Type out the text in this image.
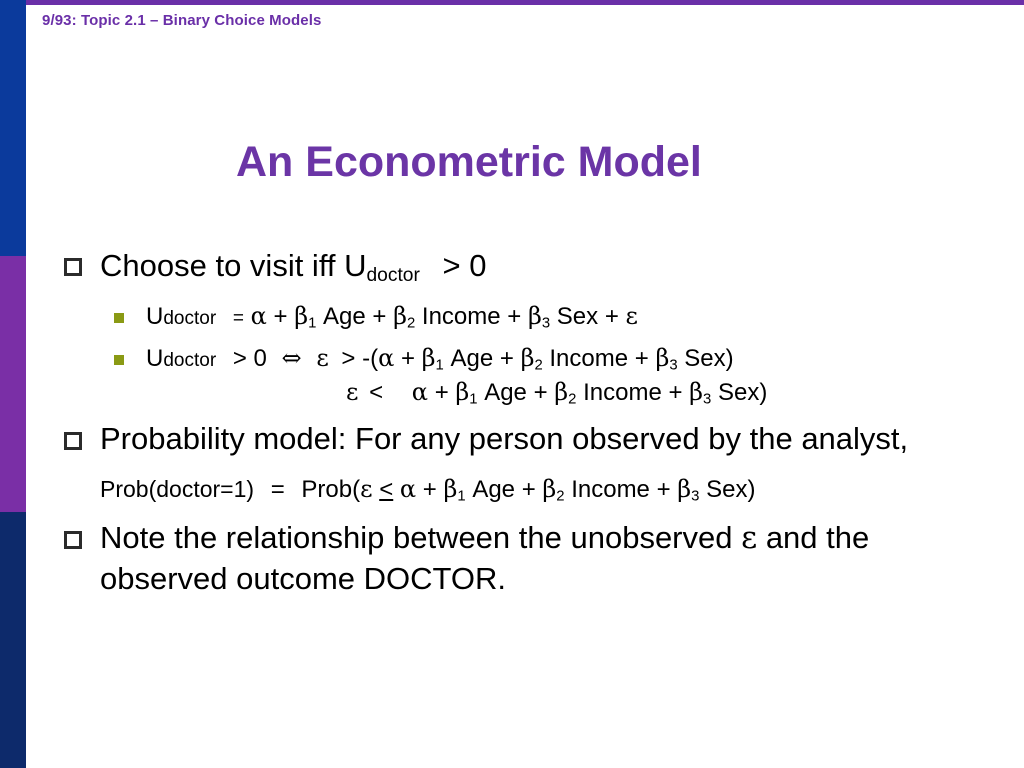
9/93: Topic 2.1 – Binary Choice Models
An Econometric Model
Choose to visit iff $U_{doctor} > 0$
Udoctor = $\alpha + \beta_1$ Age + $\beta_2$ Income + $\beta_3$ Sex + ε
Udoctor > 0 ⇔ $\varepsilon > -(\alpha + \beta_1$ Age + $\beta_2$ Income + $\beta_3$ Sex)
$\varepsilon < \alpha + \beta_1$ Age + $\beta_2$ Income + $\beta_3$ Sex)
Probability model: For any person observed by the analyst,
Prob(doctor=1) = Prob(ε ≤ $\alpha + \beta_1$ Age + $\beta_2$ Income + $\beta_3$ Sex)
Note the relationship between the unobserved ε and the
observed outcome DOCTOR.
